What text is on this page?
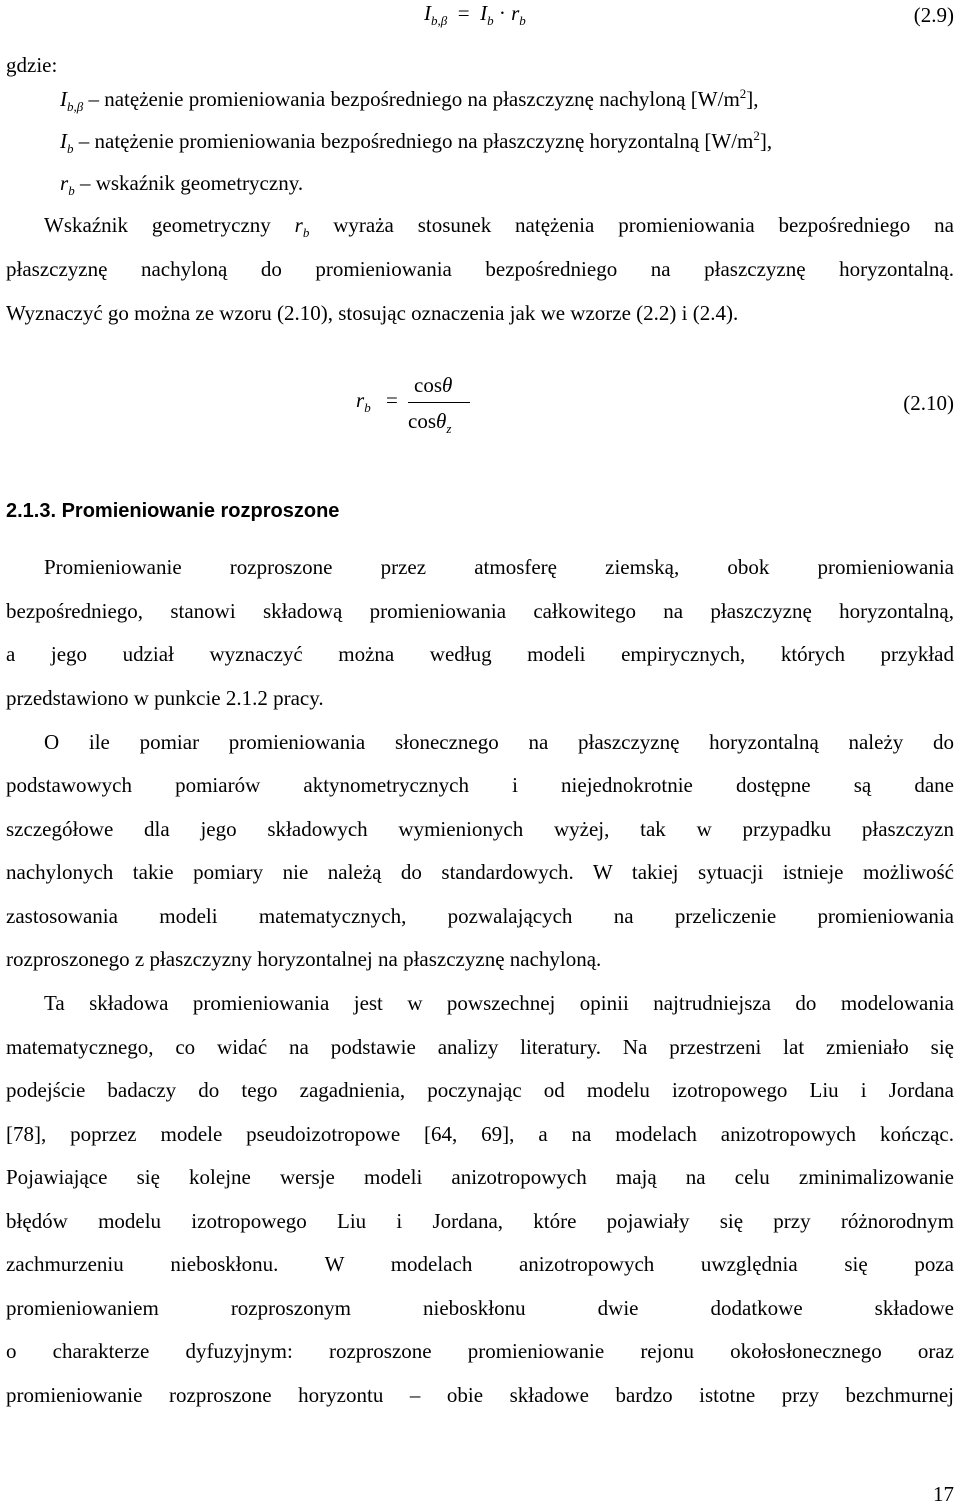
$I_{b,\beta} = I_b \cdot r_b$	(2.9)
gdzie:
$I_{b,\beta}$ – natężenie promieniowania bezpośredniego na płaszczyznę nachyloną $[W/m^2]$,
$I_b$ – natężenie promieniowania bezpośredniego na płaszczyznę horyzontalną $[W/m^2]$,
$r_b$ – wskaźnik geometryczny.
Wskaźnik geometryczny $r_b$ wyraża stosunek natężenia promieniowania bezpośredniego na
płaszczyznę nachyloną do promieniowania bezpośredniego na płaszczyznę horyzontalną.
Wyznaczyć go można ze wzoru (2.10), stosując oznaczenia jak we wzorze (2.2) i (2.4).
$r_b$ =
cosθ
cosθ$_z$
(2.10)
2.1.3. Promieniowanie rozproszone
Promieniowanie rozproszone przez atmosferę ziemską, obok promieniowania
bezpośredniego, stanowi składową promieniowania całkowitego na płaszczyznę horyzontalną,
a jego udział wyznaczyć można według modeli empirycznych, których przykład
przedstawiono w punkcie 2.1.2 pracy.
O ile pomiar promieniowania słonecznego na płaszczyznę horyzontalną należy do
podstawowych pomiarów aktynometrycznych i niejednokrotnie dostępne są dane
szczegółowe dla jego składowych wymienionych wyżej, tak w przypadku płaszczyzn
nachylonych takie pomiary nie należą do standardowych. W takiej sytuacji istnieje możliwość
zastosowania modeli matematycznych, pozwalających na przeliczenie promieniowania
rozproszonego z płaszczyzny horyzontalnej na płaszczyznę nachyloną.
Ta składowa promieniowania jest w powszechnej opinii najtrudniejsza do modelowania
matematycznego, co widać na podstawie analizy literatury. Na przestrzeni lat zmieniało się
podejście badaczy do tego zagadnienia, poczynając od modelu izotropowego Liu i Jordana
[78], poprzez modele pseudoizotropowe [64, 69], a na modelach anizotropowych kończąc.
Pojawiające się kolejne wersje modeli anizotropowych mają na celu zminimalizowanie
błędów modelu izotropowego Liu i Jordana, które pojawiały się przy różnorodnym
zachmurzeniu nieboskłonu. W modelach anizotropowych uwzględnia się poza
promieniowaniem rozproszonym nieboskłonu dwie dodatkowe składowe
o charakterze dyfuzyjnym: rozproszone promieniowanie rejonu okołosłonecznego oraz
promieniowanie rozproszone horyzontu – obie składowe bardzo istotne przy bezchmurnej
17
